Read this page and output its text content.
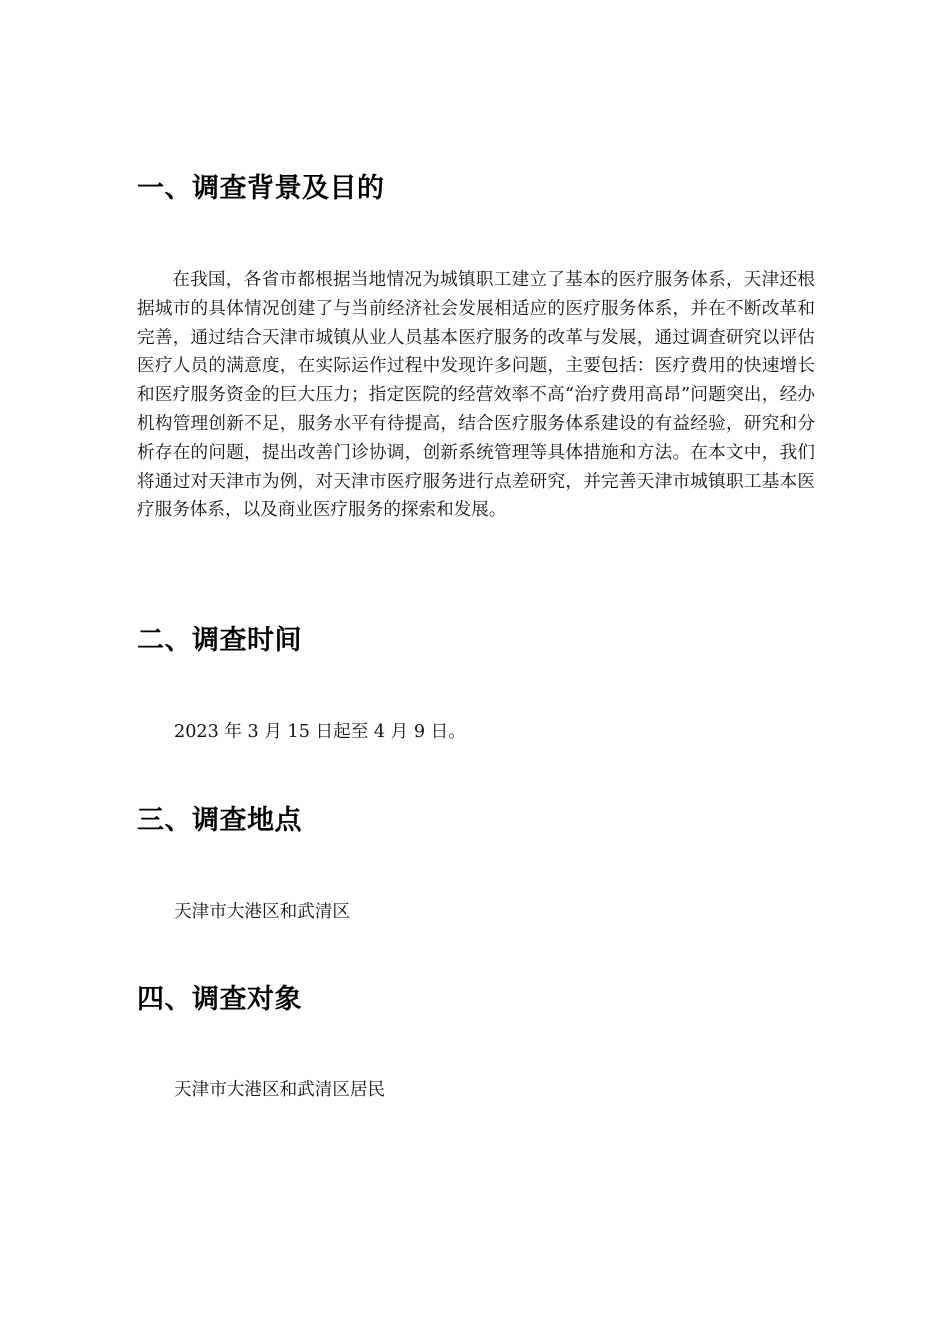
一、调查背景及目的

在我国，各省市都根据当地情况为城镇职工建立了基本的医疗服务体系，天津还根据城市的具体情况创建了与当前经济社会发展相适应的医疗服务体系，并在不断改革和完善，通过结合天津市城镇从业人员基本医疗服务的改革与发展，通过调查研究以评估医疗人员的满意度，在实际运作过程中发现许多问题，主要包括：医疗费用的快速增长和医疗服务资金的巨大压力；指定医院的经营效率不高“治疗费用高昂”问题突出，经办机构管理创新不足，服务水平有待提高，结合医疗服务体系建设的有益经验，研究和分析存在的问题，提出改善门诊协调，创新系统管理等具体措施和方法。在本文中，我们将通过对天津市为例，对天津市医疗服务进行点差研究，并完善天津市城镇职工基本医疗服务体系，以及商业医疗服务的探索和发展。

二、调查时间

2023 年 3 月 15 日起至 4 月 9 日。

三、调查地点

天津市大港区和武清区

四、调查对象

天津市大港区和武清区居民
